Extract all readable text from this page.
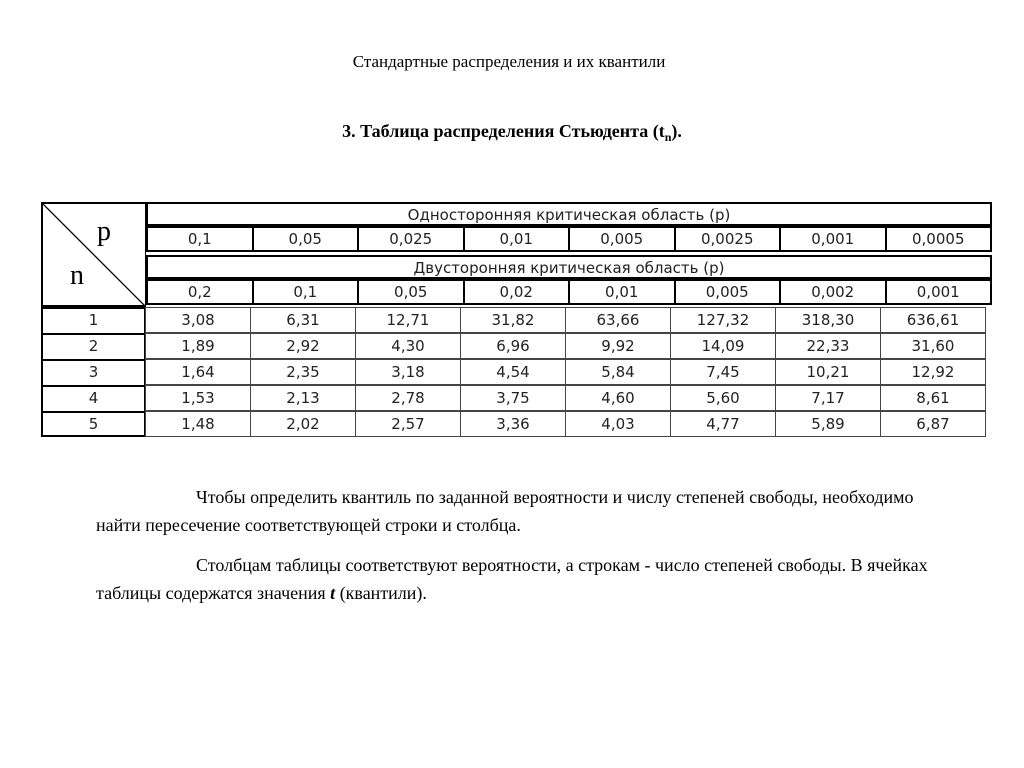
Стандартные распределения и их квантили
3. Таблица распределения Стьюдента $(t_n)$.
p
n
Односторонняя критическая область (p)
0,1	0,05	0,025	0,01	0,005	0,0025	0,001	0,0005
Двусторонняя критическая область (p)
0,2	0,1	0,05	0,02	0,01	0,005	0,002	0,001
1	3,08	6,31	12,71	31,82	63,66	127,32	318,30	636,61
2	1,89	2,92	4,30	6,96	9,92	14,09	22,33	31,60
3	1,64	2,35	3,18	4,54	5,84	7,45	10,21	12,92
4	1,53	2,13	2,78	3,75	4,60	5,60	7,17	8,61
5	1,48	2,02	2,57	3,36	4,03	4,77	5,89	6,87
Чтобы определить квантиль по заданной вероятности и числу степеней свободы, необходимо найти пересечение соответствующей строки и столбца.
Столбцам таблицы соответствуют вероятности, а строкам - число степеней свободы. В ячейках таблицы содержатся значения t (квантили).
